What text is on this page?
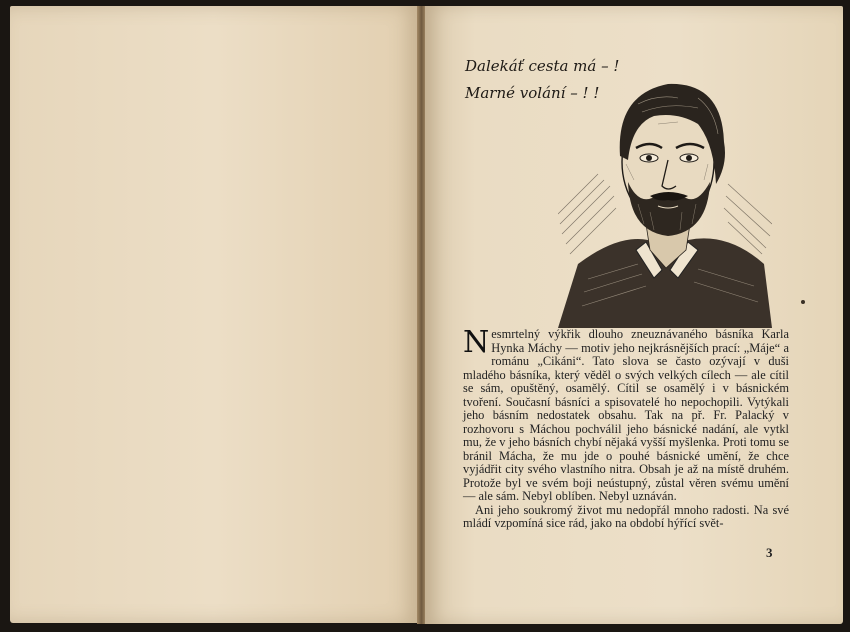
Dalekáť cesta má – !
Marné volání – ! !

Nesmrtelný výkřik dlouho zneuznávaného básníka Karla Hynka Máchy — motiv jeho nejkrásnějších prací: „Máje“ a románu „Cikáni“. Tato slova se často ozývají v duši mladého básníka, který věděl o svých velkých cílech — ale cítil se sám, opuštěný, osamělý. Cítil se osamělý i v básnickém tvoření. Současní básníci a spisovatelé ho nepochopili. Vytýkali jeho básním nedostatek obsahu. Tak na př. Fr. Palacký v rozhovoru s Máchou pochválil jeho básnické nadání, ale vytkl mu, že v jeho básních chybí nějaká vyšší myšlenka. Proti tomu se bránil Mácha, že mu jde o pouhé básnické umění, že chce vyjádřit city svého vlastního nitra. Obsah je až na místě druhém. Protože byl ve svém boji neústupný, zůstal věren svému umění — ale sám. Nebyl oblíben. Nebyl uznáván.

Ani jeho soukromý život mu nedopřál mnoho radosti. Na své mládí vzpomíná sice rád, jako na období hýřící svět-

3
